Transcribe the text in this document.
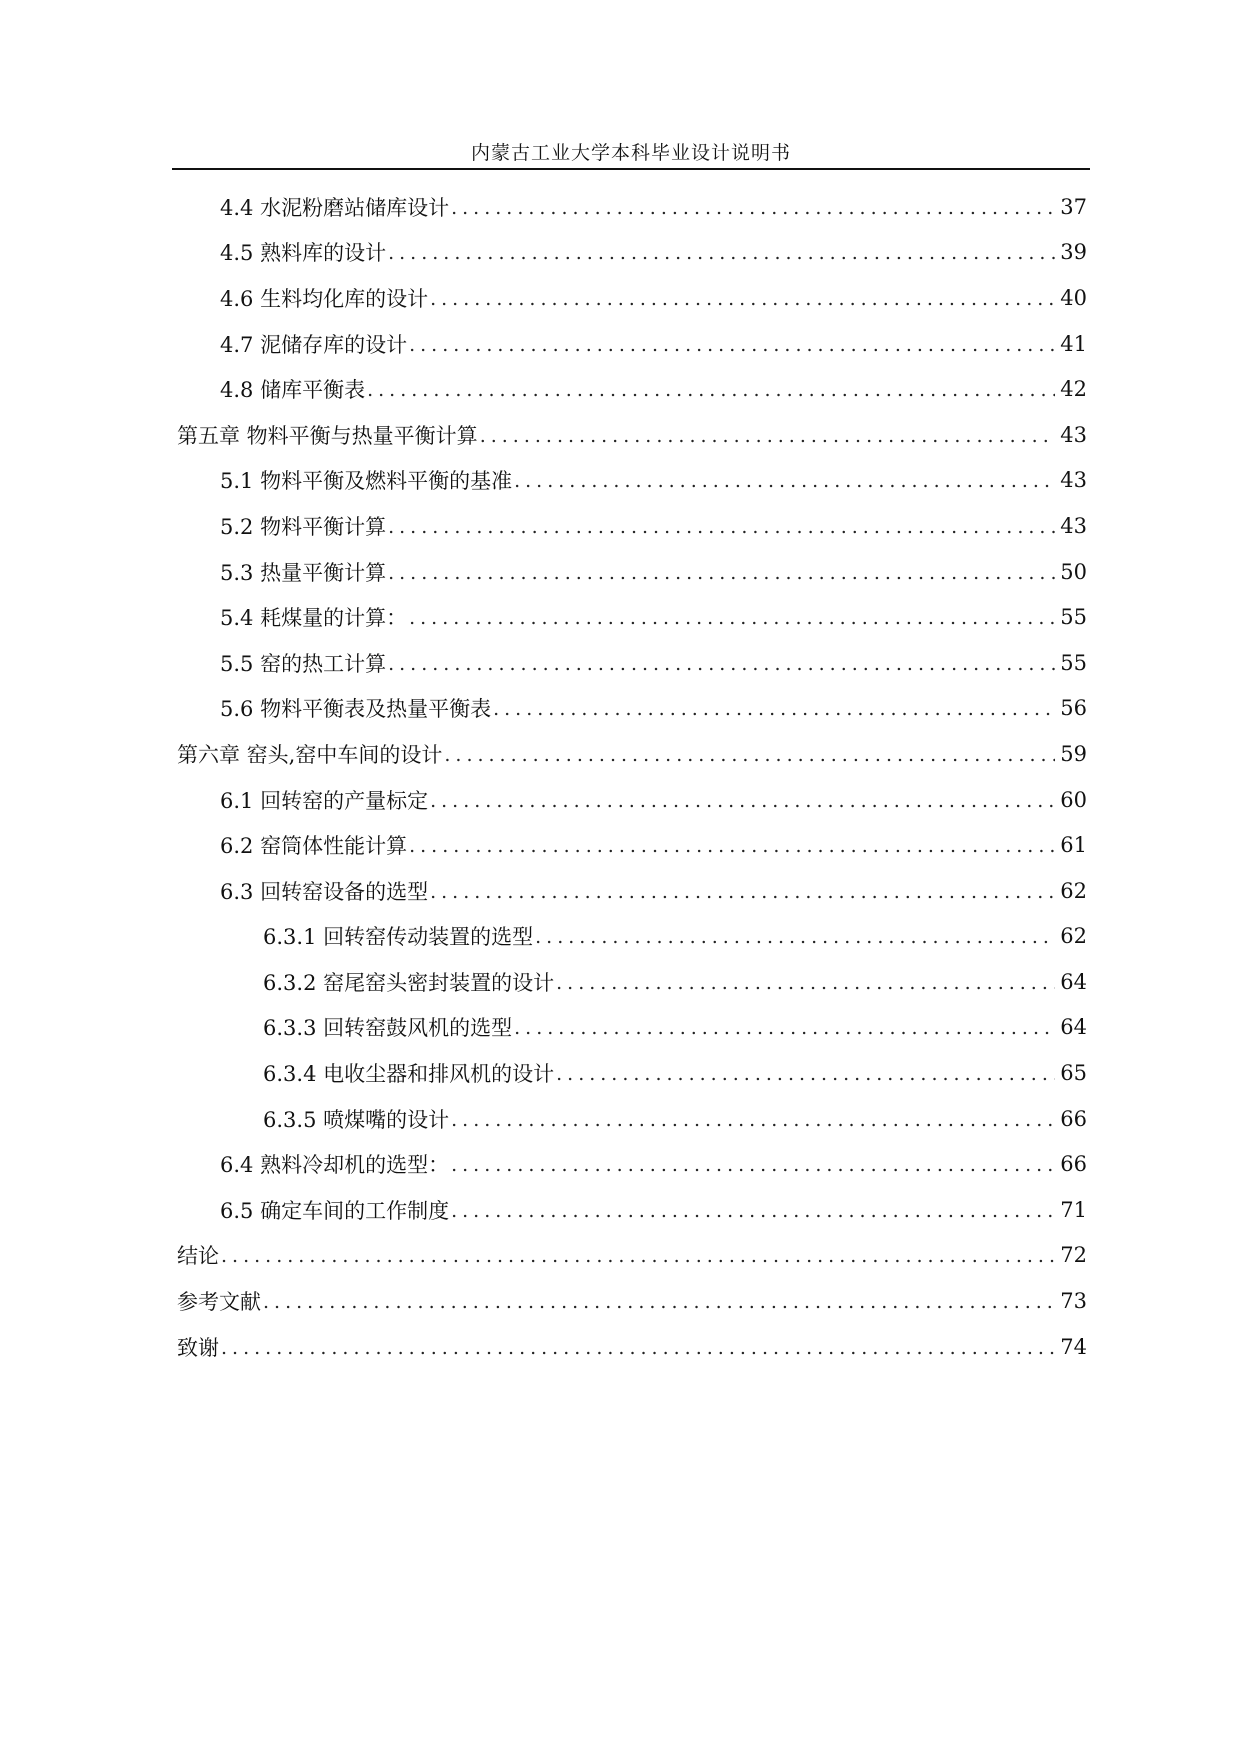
内蒙古工业大学本科毕业设计说明书
4.4 水泥粉磨站储库设计 .....	37
4.5 熟料库的设计 .....	39
4.6 生料均化库的设计 .....	40
4.7 泥储存库的设计 .....	41
4.8 储库平衡表 .....	42
第五章 物料平衡与热量平衡计算 .....	43
5.1 物料平衡及燃料平衡的基准 .....	43
5.2 物料平衡计算 .....	43
5.3 热量平衡计算 .....	50
5.4 耗煤量的计算： .....	55
5.5 窑的热工计算 .....	55
5.6 物料平衡表及热量平衡表 .....	56
第六章 窑头,窑中车间的设计 .....	59
6.1 回转窑的产量标定 .....	60
6.2 窑筒体性能计算 .....	61
6.3 回转窑设备的选型 .....	62
6.3.1 回转窑传动装置的选型 .....	62
6.3.2 窑尾窑头密封装置的设计 .....	64
6.3.3 回转窑鼓风机的选型 .....	64
6.3.4 电收尘器和排风机的设计 .....	65
6.3.5 喷煤嘴的设计 .....	66
6.4 熟料冷却机的选型： .....	66
6.5 确定车间的工作制度 .....	71
结论 .....	72
参考文献 .....	73
致谢 .....	74
